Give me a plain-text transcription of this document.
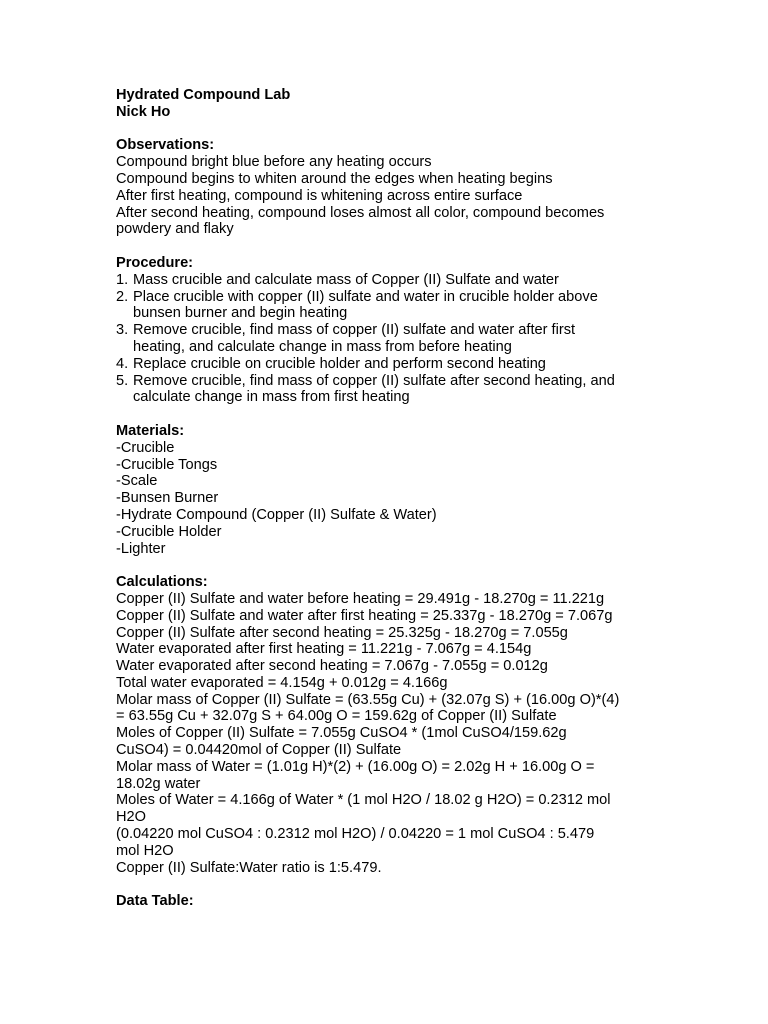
Hydrated Compound Lab
Nick Ho
Observations:
Compound bright blue before any heating occurs
Compound begins to whiten around the edges when heating begins
After first heating, compound is whitening across entire surface
After second heating, compound loses almost all color, compound becomes
powdery and flaky
Procedure:
1. Mass crucible and calculate mass of Copper (II) Sulfate and water
2. Place crucible with copper (II) sulfate and water in crucible holder above
bunsen burner and begin heating
3. Remove crucible, find mass of copper (II) sulfate and water after first
heating, and calculate change in mass from before heating
4. Replace crucible on crucible holder and perform second heating
5. Remove crucible, find mass of copper (II) sulfate after second heating, and
calculate change in mass from first heating
Materials:
-Crucible
-Crucible Tongs
-Scale
-Bunsen Burner
-Hydrate Compound (Copper (II) Sulfate & Water)
-Crucible Holder
-Lighter
Calculations:
Copper (II) Sulfate and water before heating = 29.491g - 18.270g = 11.221g
Copper (II) Sulfate and water after first heating = 25.337g - 18.270g = 7.067g
Copper (II) Sulfate after second heating = 25.325g - 18.270g = 7.055g
Water evaporated after first heating = 11.221g - 7.067g = 4.154g
Water evaporated after second heating = 7.067g - 7.055g = 0.012g
Total water evaporated = 4.154g + 0.012g = 4.166g
Molar mass of Copper (II) Sulfate = (63.55g Cu) + (32.07g S) + (16.00g O)*(4)
= 63.55g Cu + 32.07g S + 64.00g O = 159.62g of Copper (II) Sulfate
Moles of Copper (II) Sulfate = 7.055g CuSO4 * (1mol CuSO4/159.62g
CuSO4) = 0.04420mol of Copper (II) Sulfate
Molar mass of Water = (1.01g H)*(2) + (16.00g O) = 2.02g H + 16.00g O =
18.02g water
Moles of Water = 4.166g of Water * (1 mol H2O / 18.02 g H2O) = 0.2312 mol
H2O
(0.04220 mol CuSO4 : 0.2312 mol H2O) / 0.04220 = 1 mol CuSO4 : 5.479
mol H2O
Copper (II) Sulfate:Water ratio is 1:5.479.
Data Table:
